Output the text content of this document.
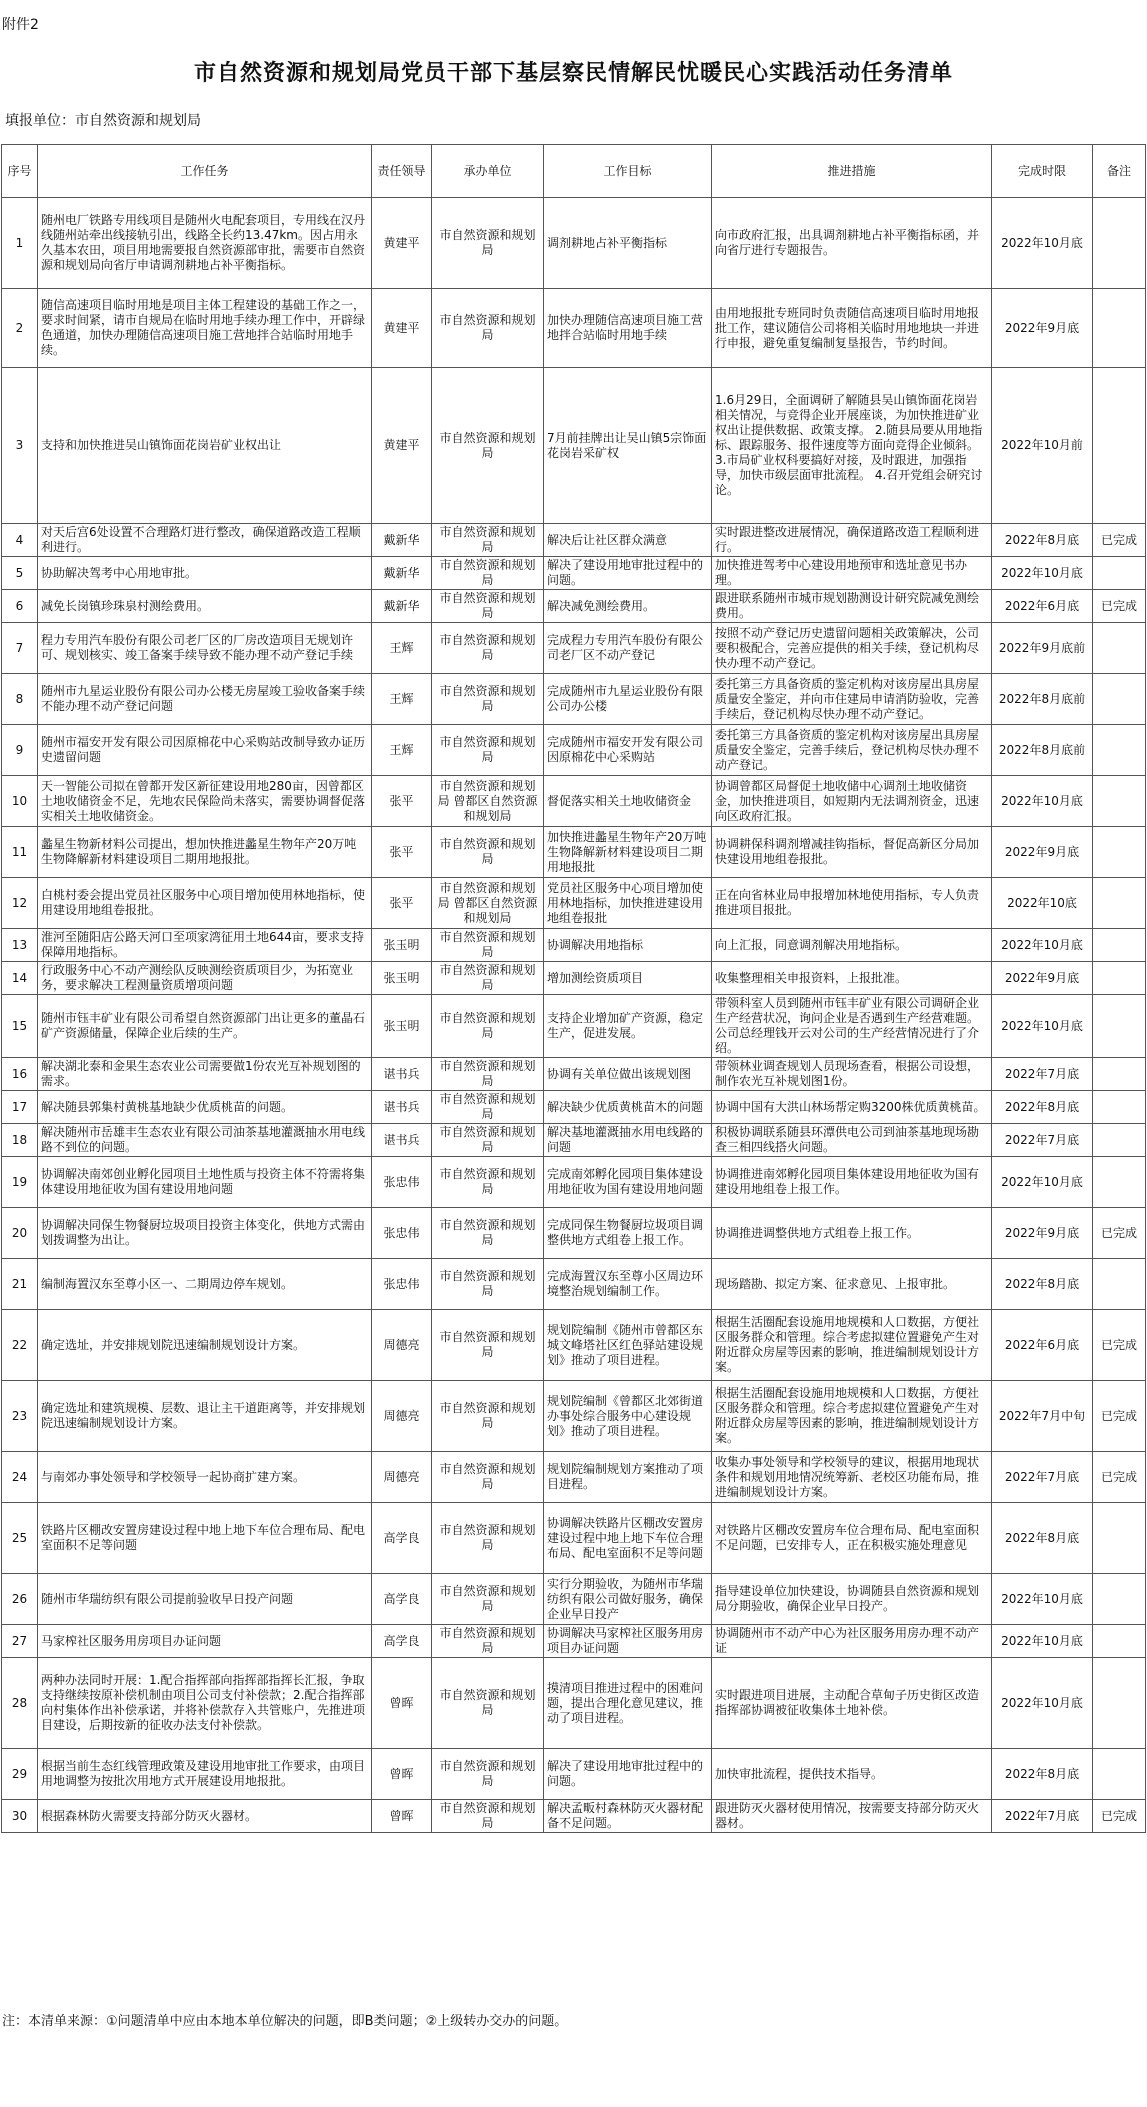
附件2
市自然资源和规划局党员干部下基层察民情解民忧暖民心实践活动任务清单
填报单位：市自然资源和规划局
序号	工作任务	责任领导	承办单位	工作目标	推进措施	完成时限	备注
1	随州电厂铁路专用线项目是随州火电配套项目，专用线在汉丹线随州站牵出线接轨引出，线路全长约13.47km。因占用永久基本农田，项目用地需要报自然资源部审批，需要市自然资源和规划局向省厅申请调剂耕地占补平衡指标。	黄建平	市自然资源和规划局	调剂耕地占补平衡指标	向市政府汇报，出具调剂耕地占补平衡指标函，并向省厅进行专题报告。	2022年10月底	
2	随信高速项目临时用地是项目主体工程建设的基础工作之一，要求时间紧，请市自规局在临时用地手续办理工作中，开辟绿色通道，加快办理随信高速项目施工营地拌合站临时用地手续。	黄建平	市自然资源和规划局	加快办理随信高速项目施工营地拌合站临时用地手续	由用地报批专班同时负责随信高速项目临时用地报批工作，建议随信公司将相关临时用地地块一并进行申报，避免重复编制复垦报告，节约时间。	2022年9月底	
3	支持和加快推进吴山镇饰面花岗岩矿业权出让	黄建平	市自然资源和规划局	7月前挂牌出让吴山镇5宗饰面花岗岩采矿权	1.6月29日，全面调研了解随县吴山镇饰面花岗岩相关情况，与竞得企业开展座谈，为加快推进矿业权出让提供数据、政策支撑。 2.随县局要从用地指标、跟踪服务、报件速度等方面向竞得企业倾斜。 3.市局矿业权科要搞好对接，及时跟进，加强指导，加快市级层面审批流程。 4.召开党组会研究讨论。	2022年10月前	
4	对天后宫6处设置不合理路灯进行整改，确保道路改造工程顺利进行。	戴新华	市自然资源和规划局	解决后让社区群众满意	实时跟进整改进展情况，确保道路改造工程顺利进行。	2022年8月底	已完成
5	协助解决驾考中心用地审批。	戴新华	市自然资源和规划局	解决了建设用地审批过程中的问题。	加快推进驾考中心建设用地预审和选址意见书办理。	2022年10月底	
6	减免长岗镇珍珠泉村测绘费用。	戴新华	市自然资源和规划局	解决减免测绘费用。	跟进联系随州市城市规划勘测设计研究院减免测绘费用。	2022年6月底	已完成
7	程力专用汽车股份有限公司老厂区的厂房改造项目无规划许可、规划核实、竣工备案手续导致不能办理不动产登记手续	王辉	市自然资源和规划局	完成程力专用汽车股份有限公司老厂区不动产登记	按照不动产登记历史遗留问题相关政策解决，公司要积极配合，完善应提供的相关手续，登记机构尽快办理不动产登记。	2022年9月底前	
8	随州市九星运业股份有限公司办公楼无房屋竣工验收备案手续不能办理不动产登记问题	王辉	市自然资源和规划局	完成随州市九星运业股份有限公司办公楼	委托第三方具备资质的鉴定机构对该房屋出具房屋质量安全鉴定，并向市住建局申请消防验收，完善手续后，登记机构尽快办理不动产登记。	2022年8月底前	
9	随州市福安开发有限公司因原棉花中心采购站改制导致办证历史遗留问题	王辉	市自然资源和规划局	完成随州市福安开发有限公司因原棉花中心采购站	委托第三方具备资质的鉴定机构对该房屋出具房屋质量安全鉴定，完善手续后，登记机构尽快办理不动产登记。	2022年8月底前	
10	天一智能公司拟在曾都开发区新征建设用地280亩，因曾都区土地收储资金不足，先地农民保险尚未落实，需要协调督促落实相关土地收储资金。	张平	市自然资源和规划局 曾都区自然资源和规划局	督促落实相关土地收储资金	协调曾都区局督促土地收储中心调剂土地收储资金，加快推进项目，如短期内无法调剂资金，迅速向区政府汇报。	2022年10月底	
11	蠡星生物新材料公司提出，想加快推进蠡星生物年产20万吨生物降解新材料建设项目二期用地报批。	张平	市自然资源和规划局	加快推进蠡星生物年产20万吨生物降解新材料建设项目二期用地报批	协调耕保科调剂增减挂钩指标，督促高新区分局加快建设用地组卷报批。	2022年9月底	
12	白桃村委会提出党员社区服务中心项目增加使用林地指标，使用建设用地组卷报批。	张平	市自然资源和规划局 曾都区自然资源和规划局	党员社区服务中心项目增加使用林地指标，加快推进建设用地组卷报批	正在向省林业局申报增加林地使用指标，专人负责推进项目报批。	2022年10底	
13	淮河至随阳店公路天河口至项家湾征用土地644亩，要求支持保障用地指标。	张玉明	市自然资源和规划局	协调解决用地指标	向上汇报，同意调剂解决用地指标。	2022年10月底	
14	行政服务中心不动产测绘队反映测绘资质项目少，为拓宽业务，要求解决工程测量资质增项问题	张玉明	市自然资源和规划局	增加测绘资质项目	收集整理相关申报资料，上报批准。	2022年9月底	
15	随州市钰丰矿业有限公司希望自然资源部门出让更多的董晶石矿产资源储量，保障企业后续的生产。	张玉明	市自然资源和规划局	支持企业增加矿产资源，稳定生产，促进发展。	带领科室人员到随州市钰丰矿业有限公司调研企业生产经营状况，询问企业是否遇到生产经营难题。公司总经理钱开云对公司的生产经营情况进行了介绍。	2022年10月底	
16	解决湖北泰和金果生态农业公司需要做1份农光互补规划图的需求。	谌书兵	市自然资源和规划局	协调有关单位做出该规划图	带领林业调查规划人员现场查看，根据公司设想，制作农光互补规划图1份。	2022年7月底	
17	解决随县郭集村黄桃基地缺少优质桃苗的问题。	谌书兵	市自然资源和规划局	解决缺少优质黄桃苗木的问题	协调中国有大洪山林场帮定购3200株优质黄桃苗。	2022年8月底	
18	解决随州市岳雄丰生态农业有限公司油茶基地灌溉抽水用电线路不到位的问题。	谌书兵	市自然资源和规划局	解决基地灌溉抽水用电线路的问题	积极协调联系随县环潭供电公司到油茶基地现场勘查三相四线搭火问题。	2022年7月底	
19	协调解决南郊创业孵化园项目土地性质与投资主体不符需将集体建设用地征收为国有建设用地问题	张忠伟	市自然资源和规划局	完成南郊孵化园项目集体建设用地征收为国有建设用地问题	协调推进南郊孵化园项目集体建设用地征收为国有建设用地组卷上报工作。	2022年10月底	
20	协调解决同保生物餐厨垃圾项目投资主体变化，供地方式需由划拨调整为出让。	张忠伟	市自然资源和规划局	完成同保生物餐厨垃圾项目调整供地方式组卷上报工作。	协调推进调整供地方式组卷上报工作。	2022年9月底	已完成
21	编制海置汉东至尊小区一、二期周边停车规划。	张忠伟	市自然资源和规划局	完成海置汉东至尊小区周边环境整治规划编制工作。	现场踏勘、拟定方案、征求意见、上报审批。	2022年8月底	
22	确定选址，并安排规划院迅速编制规划设计方案。	周德亮	市自然资源和规划局	规划院编制《随州市曾都区东城文峰塔社区红色驿站建设规划》推动了项目进程。	根据生活圈配套设施用地规模和人口数据，方便社区服务群众和管理。综合考虑拟建位置避免产生对附近群众房屋等因素的影响，推进编制规划设计方案。	2022年6月底	已完成
23	确定选址和建筑规模、层数、退让主干道距离等，并安排规划院迅速编制规划设计方案。	周德亮	市自然资源和规划局	规划院编制《曾都区北郊街道办事处综合服务中心建设规划》推动了项目进程。	根据生活圈配套设施用地规模和人口数据，方便社区服务群众和管理。综合考虑拟建位置避免产生对附近群众房屋等因素的影响，推进编制规划设计方案。	2022年7月中旬	已完成
24	与南郊办事处领导和学校领导一起协商扩建方案。	周德亮	市自然资源和规划局	规划院编制规划方案推动了项目进程。	收集办事处领导和学校领导的建议，根据用地现状条件和规划用地情况统筹新、老校区功能布局，推进编制规划设计方案。	2022年7月底	已完成
25	铁路片区棚改安置房建设过程中地上地下车位合理布局、配电室面积不足等问题	高学良	市自然资源和规划局	协调解决铁路片区棚改安置房建设过程中地上地下车位合理布局、配电室面积不足等问题	对铁路片区棚改安置房车位合理布局、配电室面积不足问题，已安排专人，正在积极实施处理意见	2022年8月底	
26	随州市华瑞纺织有限公司提前验收早日投产问题	高学良	市自然资源和规划局	实行分期验收，为随州市华瑞纺织有限公司做好服务，确保企业早日投产	指导建设单位加快建设，协调随县自然资源和规划局分期验收，确保企业早日投产。	2022年10月底	
27	马家榨社区服务用房项目办证问题	高学良	市自然资源和规划局	协调解决马家榨社区服务用房项目办证问题	协调随州市不动产中心为社区服务用房办理不动产证	2022年10月底	
28	两种办法同时开展：1.配合指挥部向指挥部指挥长汇报，争取支持继续按原补偿机制由项目公司支付补偿款；2.配合指挥部向村集体作出补偿承诺，并将补偿款存入共管账户，先推进项目建设，后期按新的征收办法支付补偿款。	曾晖	市自然资源和规划局	摸清项目推进过程中的困难问题，提出合理化意见建议，推动了项目进程。	实时跟进项目进展，主动配合草甸子历史街区改造指挥部协调被征收集体土地补偿。	2022年10月底	
29	根据当前生态红线管理政策及建设用地审批工作要求，由项目用地调整为按批次用地方式开展建设用地报批。	曾晖	市自然资源和规划局	解决了建设用地审批过程中的问题。	加快审批流程，提供技术指导。	2022年8月底	
30	根据森林防火需要支持部分防灭火器材。	曾晖	市自然资源和规划局	解决孟畈村森林防灭火器材配备不足问题。	跟进防灭火器材使用情况，按需要支持部分防灭火器材。	2022年7月底	已完成
注：本清单来源：①问题清单中应由本地本单位解决的问题，即B类问题；②上级转办交办的问题。
